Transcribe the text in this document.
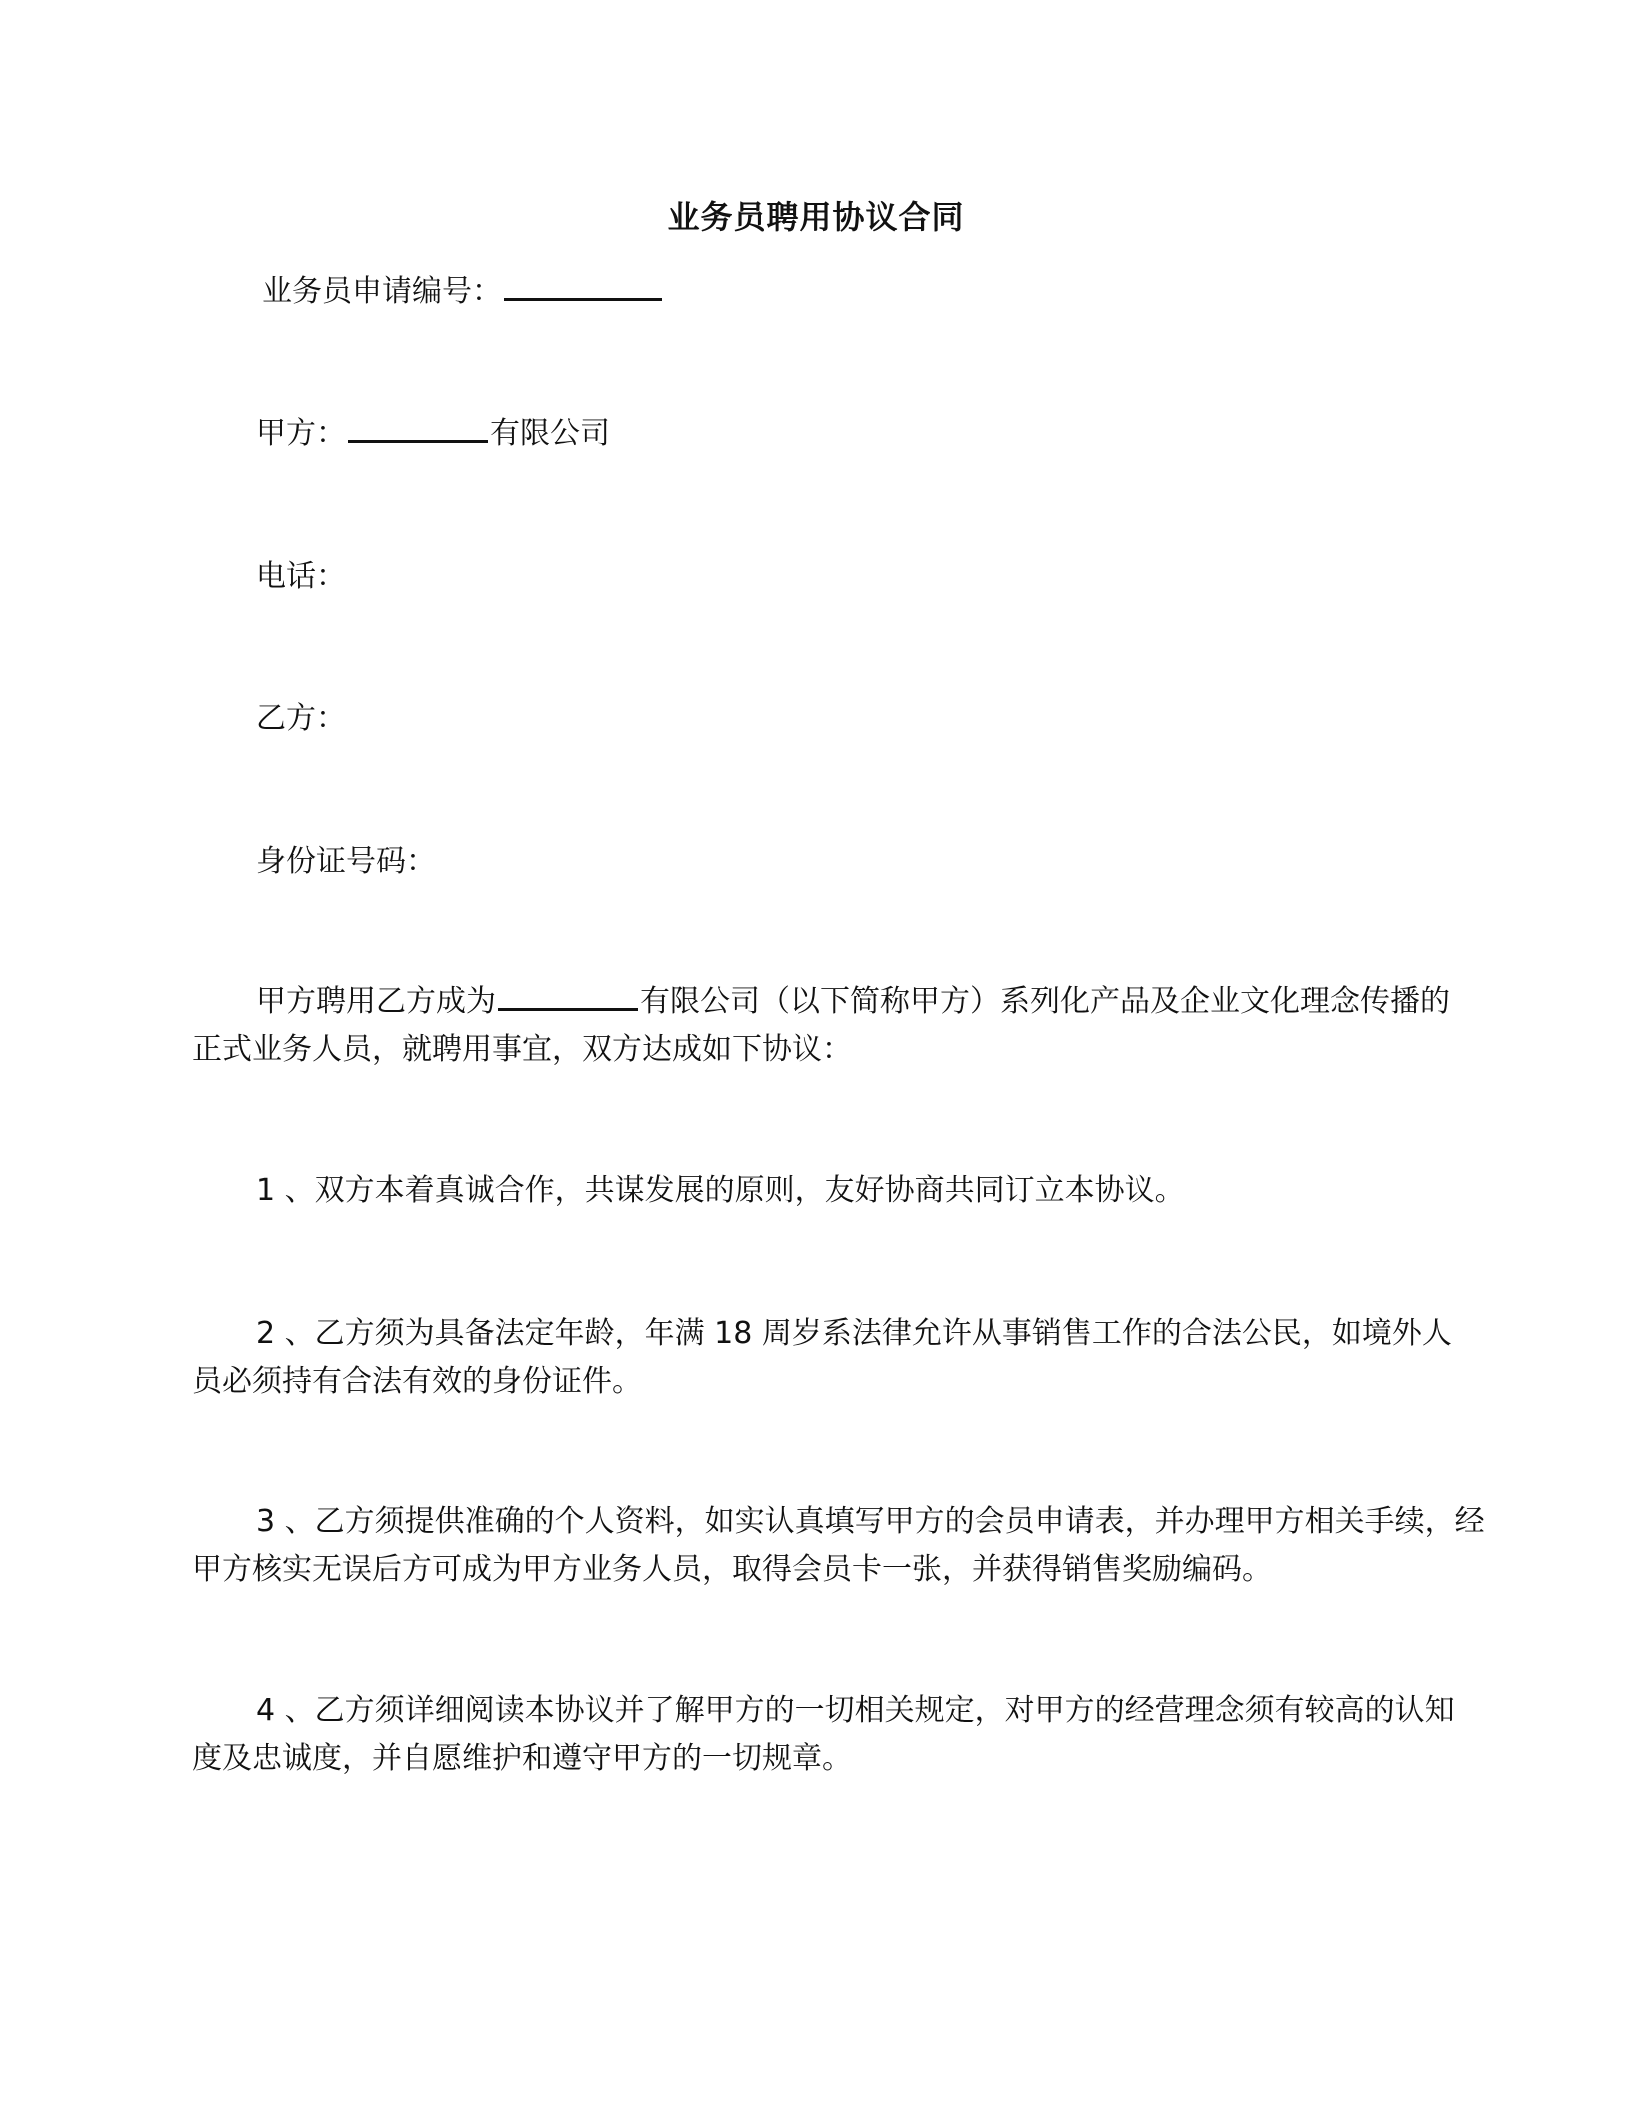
业务员聘用协议合同
业务员申请编号：
甲方：	有限公司
电话：
乙方：
身份证号码：
甲方聘用乙方成为	有限公司（以下简称甲方）系列化产品及企业文化理念传播的正式业务人员，就聘用事宜，双方达成如下协议：
1 、双方本着真诚合作，共谋发展的原则，友好协商共同订立本协议。
2 、乙方须为具备法定年龄，年满 18 周岁系法律允许从事销售工作的合法公民，如境外人员必须持有合法有效的身份证件。
3 、乙方须提供准确的个人资料，如实认真填写甲方的会员申请表，并办理甲方相关手续，经甲方核实无误后方可成为甲方业务人员，取得会员卡一张，并获得销售奖励编码。
4 、乙方须详细阅读本协议并了解甲方的一切相关规定，对甲方的经营理念须有较高的认知度及忠诚度，并自愿维护和遵守甲方的一切规章。
